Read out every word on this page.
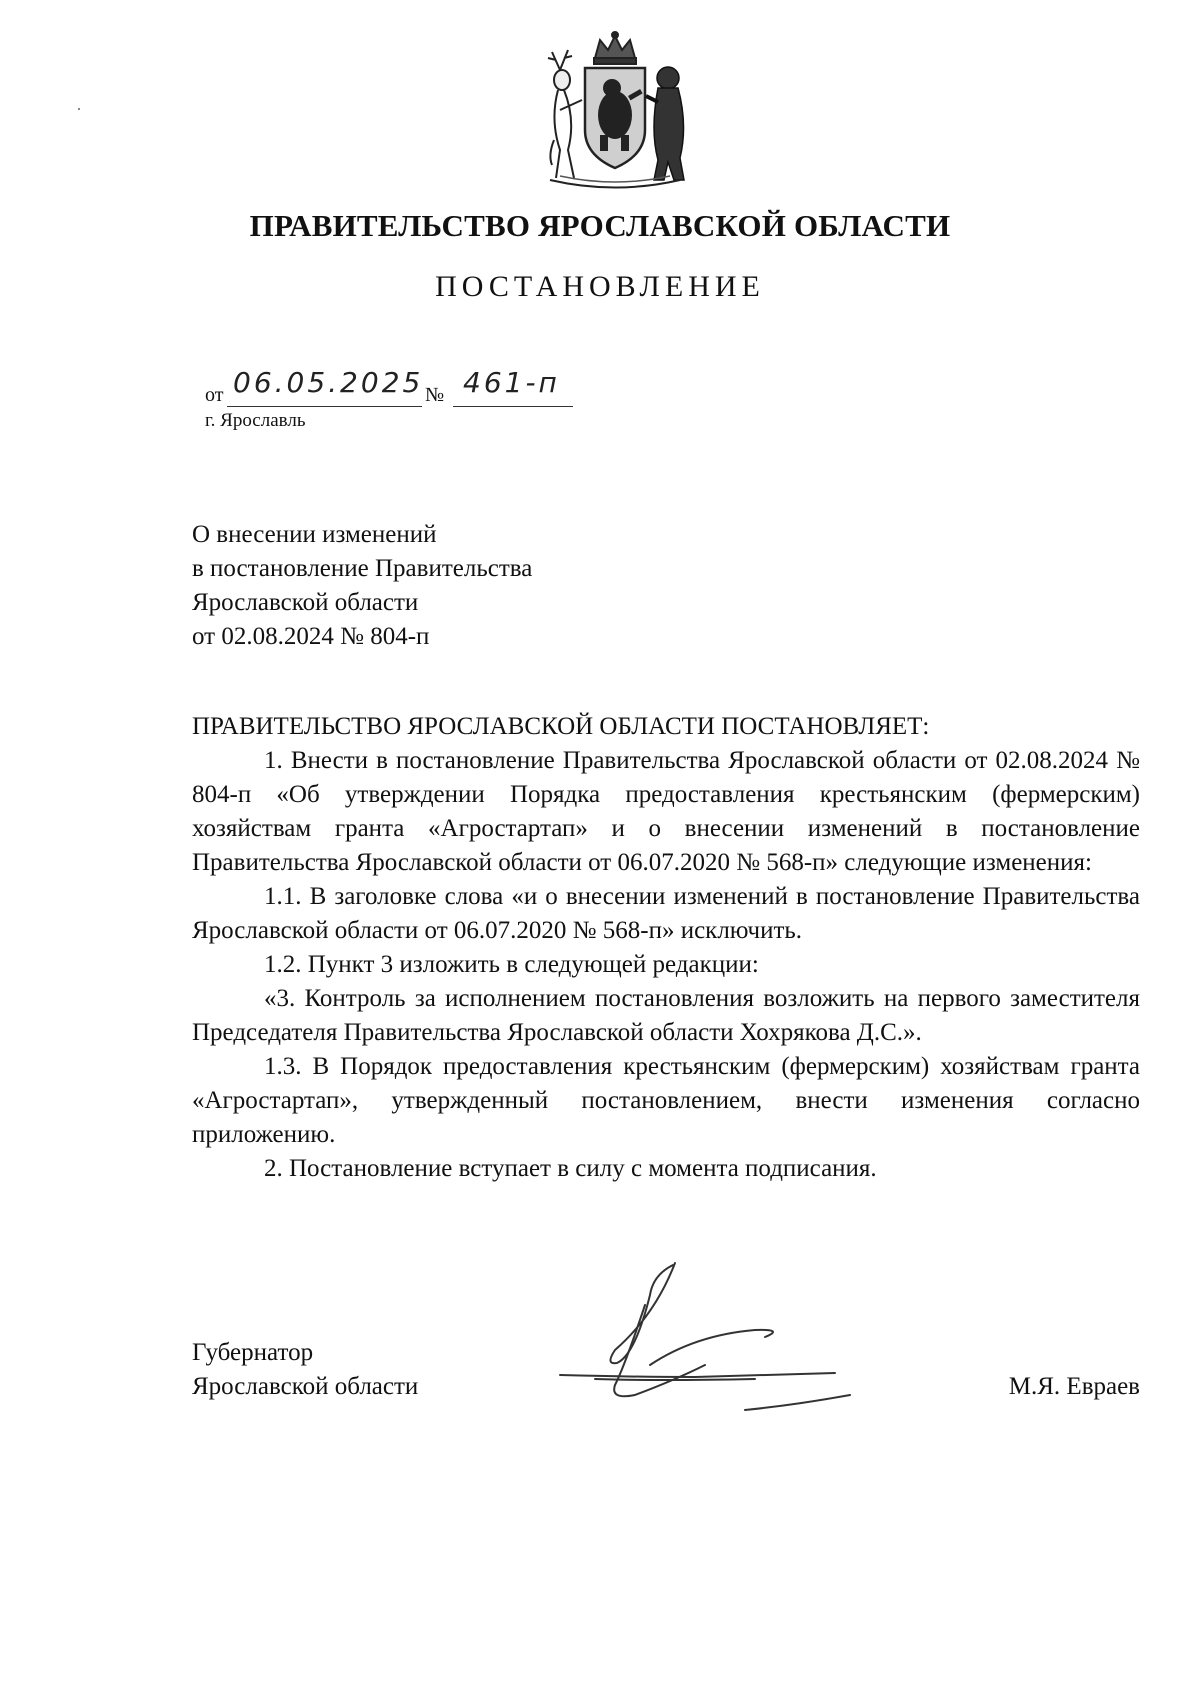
ПРАВИТЕЛЬСТВО ЯРОСЛАВСКОЙ ОБЛАСТИ
ПОСТАНОВЛЕНИЕ
от 06.05.2025 № 461-п
г. Ярославль
О внесении изменений
в постановление Правительства
Ярославской области
от 02.08.2024 № 804-п

ПРАВИТЕЛЬСТВО ЯРОСЛАВСКОЙ ОБЛАСТИ ПОСТАНОВЛЯЕТ:

1. Внести в постановление Правительства Ярославской области от 02.08.2024 № 804-п «Об утверждении Порядка предоставления крестьянским (фермерским) хозяйствам гранта «Агростартап» и о внесении изменений в постановление Правительства Ярославской области от 06.07.2020 № 568-п» следующие изменения:

1.1. В заголовке слова «и о внесении изменений в постановление Правительства Ярославской области от 06.07.2020 № 568-п» исключить.

1.2. Пункт 3 изложить в следующей редакции:

«3. Контроль за исполнением постановления возложить на первого заместителя Председателя Правительства Ярославской области Хохрякова Д.С.».

1.3. В Порядок предоставления крестьянским (фермерским) хозяйствам гранта «Агростартап», утвержденный постановлением, внести изменения согласно приложению.

2. Постановление вступает в силу с момента подписания.

Губернатор
Ярославской области	М.Я. Евраев
